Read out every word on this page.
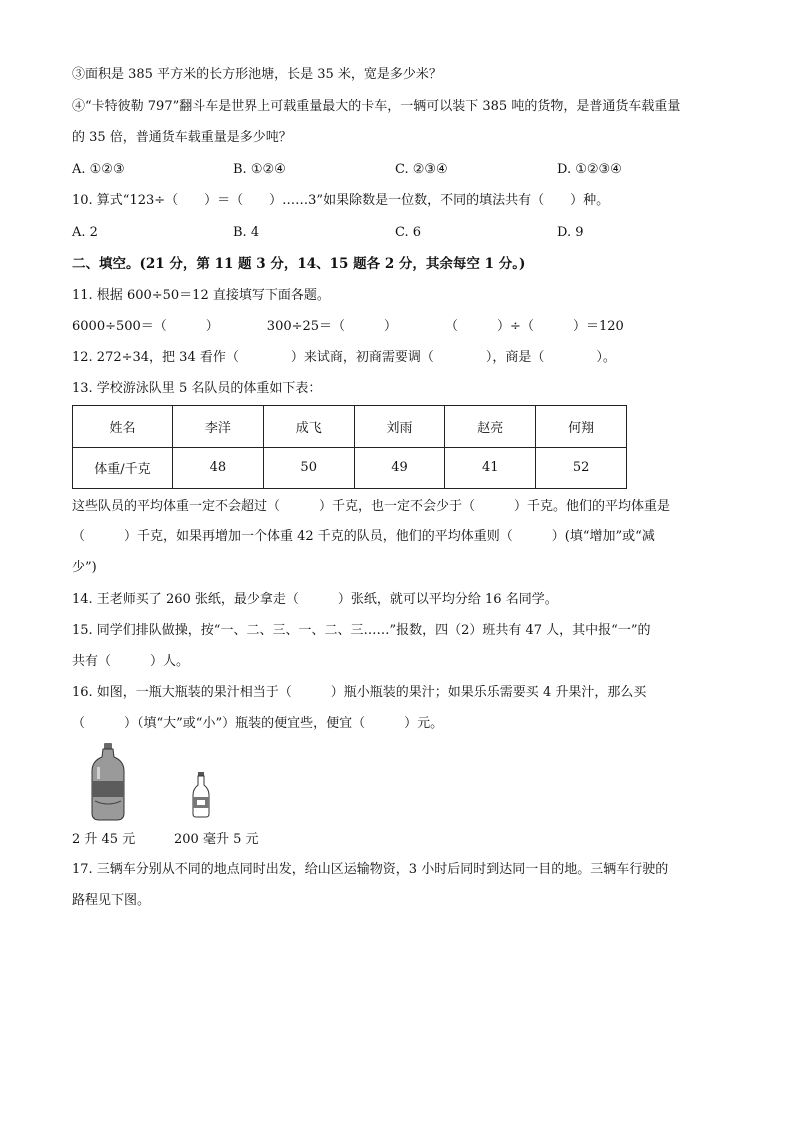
③面积是 385 平方米的长方形池塘，长是 35 米，宽是多少米？
④“卡特彼勒 797”翻斗车是世界上可载重量最大的卡车，一辆可以装下 385 吨的货物，是普通货车载重量
的 35 倍，普通货车载重量是多少吨？
A. ①②③	B. ①②④	C. ②③④	D. ①②③④
10. 算式“123÷（　　）＝（　　）……3”如果除数是一位数，不同的填法共有（　　）种。
A. 2	B. 4	C. 6	D. 9
二、填空。(21 分，第 11 题 3 分，14、15 题各 2 分，其余每空 1 分。)
11. 根据 600÷50＝12 直接填写下面各题。
6000÷500＝（　　　）	300÷25＝（　　　）	（　　　）÷（　　　）＝120
12. 272÷34，把 34 看作（　　　　）来试商，初商需要调（　　　　），商是（　　　　）。
13. 学校游泳队里 5 名队员的体重如下表：
姓名	李洋	成飞	刘雨	赵亮	何翔
体重/千克	48	50	49	41	52
这些队员的平均体重一定不会超过（　　　）千克，也一定不会少于（　　　）千克。他们的平均体重是
（　　　）千克，如果再增加一个体重 42 千克的队员，他们的平均体重则（　　　）(填“增加”或“减
少”)
14. 王老师买了 260 张纸，最少拿走（　　　）张纸，就可以平均分给 16 名同学。
15. 同学们排队做操，按“一、二、三、一、二、三……”报数，四（2）班共有 47 人，其中报“一”的
共有（　　　）人。
16. 如图，一瓶大瓶装的果汁相当于（　　　）瓶小瓶装的果汁；如果乐乐需要买 4 升果汁，那么买
（　　　）（填“大”或“小”）瓶装的便宜些，便宜（　　　）元。
2 升 45 元	200 毫升 5 元
17. 三辆车分别从不同的地点同时出发，给山区运输物资，3 小时后同时到达同一目的地。三辆车行驶的
路程见下图。
